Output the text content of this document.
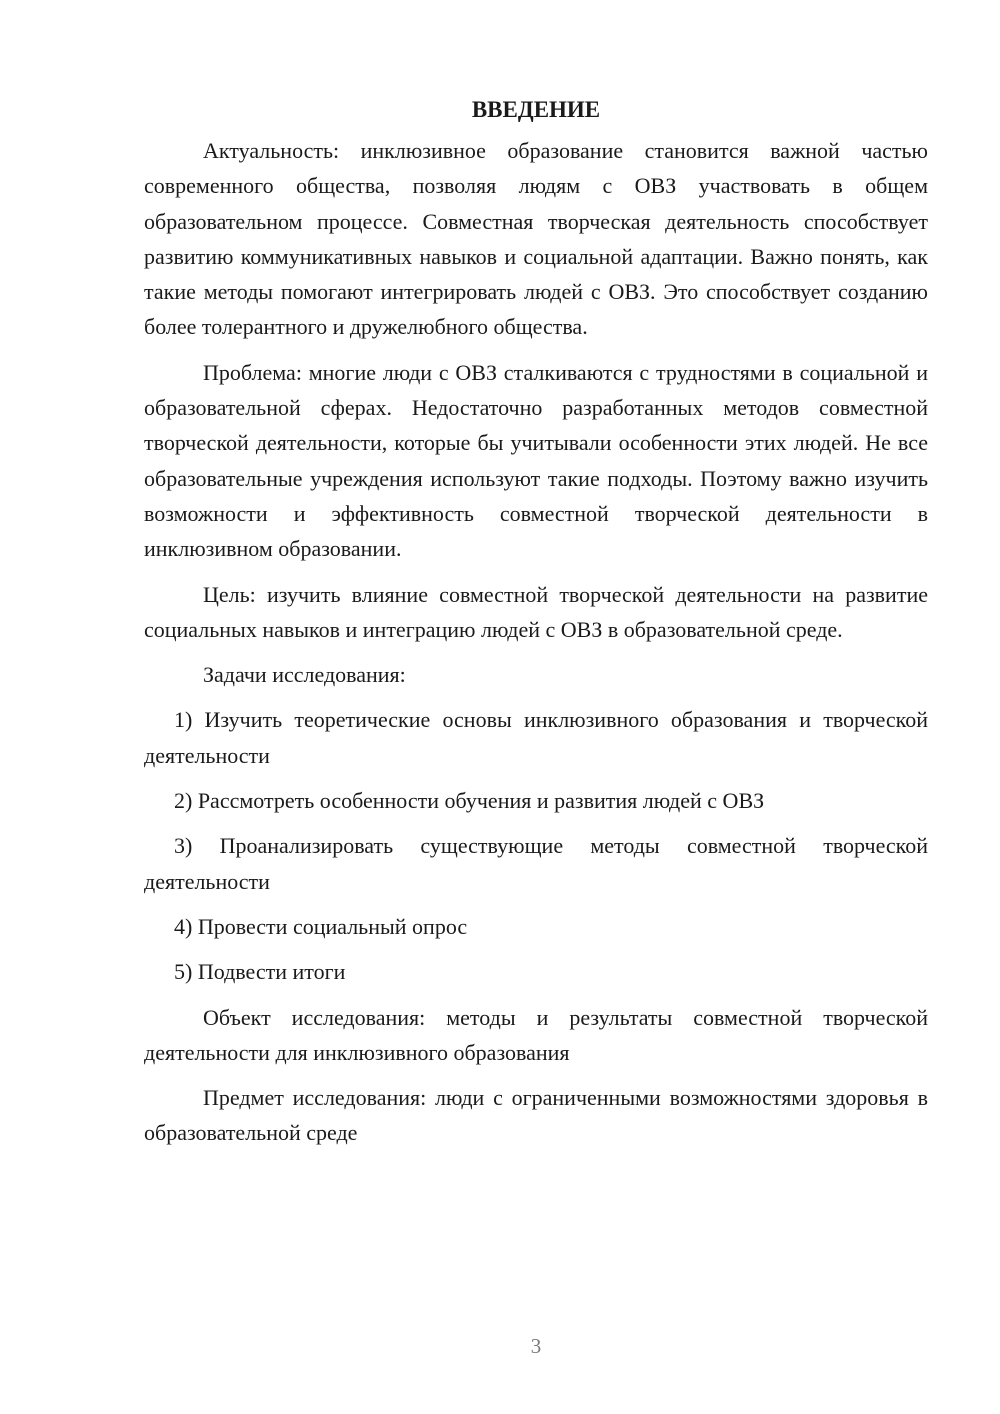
ВВЕДЕНИЕ

Актуальность: инклюзивное образование становится важной частью современного общества, позволяя людям с ОВЗ участвовать в общем образовательном процессе. Совместная творческая деятельность способствует развитию коммуникативных навыков и социальной адаптации. Важно понять, как такие методы помогают интегрировать людей с ОВЗ. Это способствует созданию более толерантного и дружелюбного общества.

Проблема: многие люди с ОВЗ сталкиваются с трудностями в социальной и образовательной сферах. Недостаточно разработанных методов совместной творческой деятельности, которые бы учитывали особенности этих людей. Не все образовательные учреждения используют такие подходы. Поэтому важно изучить возможности и эффективность совместной творческой деятельности в инклюзивном образовании.

Цель: изучить влияние совместной творческой деятельности на развитие социальных навыков и интеграцию людей с ОВЗ в образовательной среде.

Задачи исследования:

1) Изучить теоретические основы инклюзивного образования и творческой деятельности

2) Рассмотреть особенности обучения и развития людей с ОВЗ

3) Проанализировать существующие методы совместной творческой деятельности

4) Провести социальный опрос

5) Подвести итоги

Объект исследования: методы и результаты совместной творческой деятельности для инклюзивного образования

Предмет исследования: люди с ограниченными возможностями здоровья в образовательной среде

3
